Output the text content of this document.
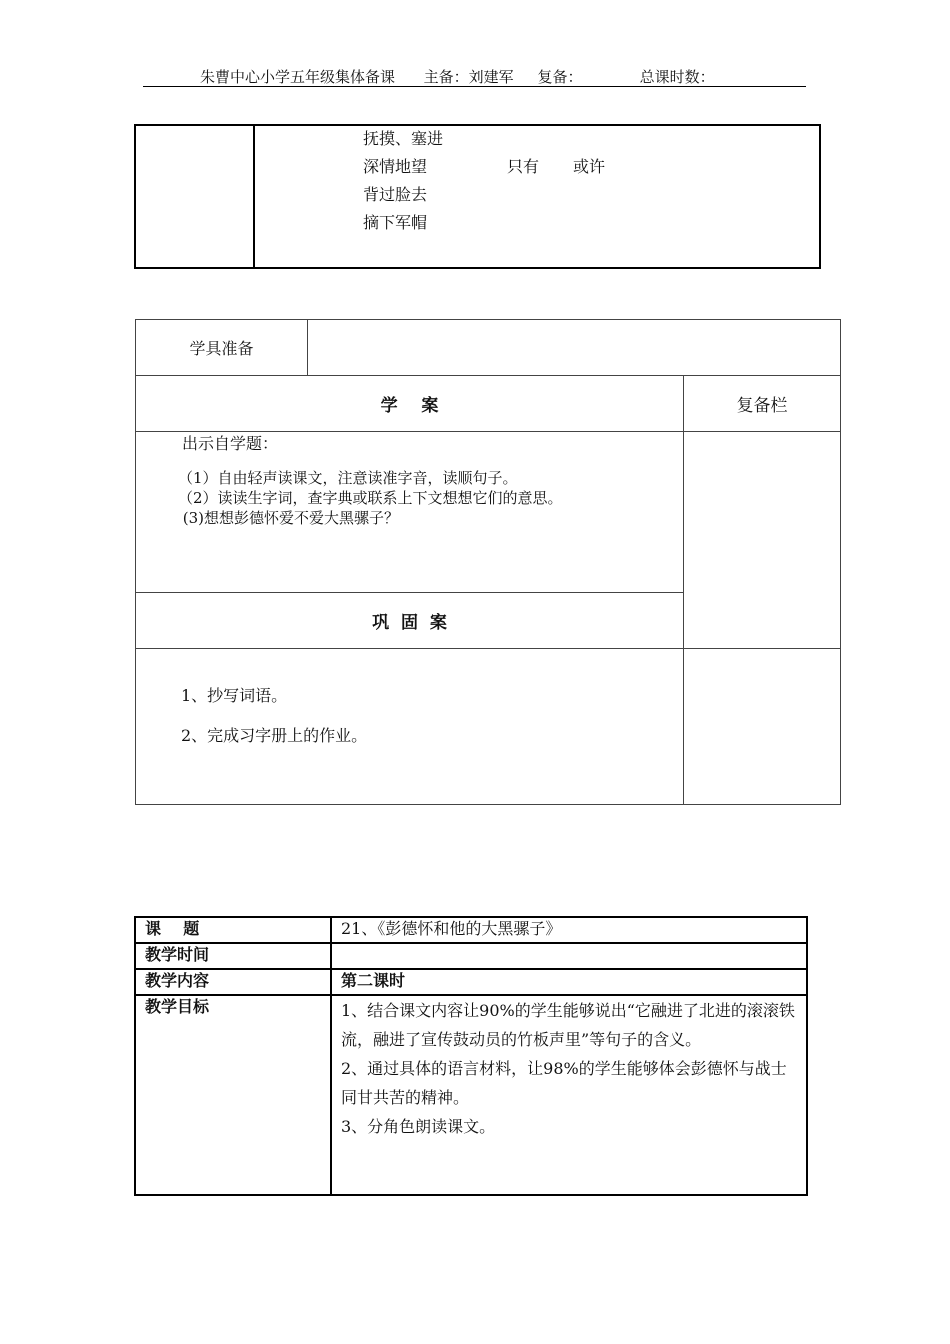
朱曹中心小学五年级集体备课      主备：刘建军     复备：            总课时数：

抚摸、塞进
深情地望	只有 或许
背过脸去
摘下军帽
学具准备		
学    案		复备栏

出示自学题：
（1）自由轻声读课文，注意读准字音，读顺句子。
（2）读读生字词，查字典或联系上下文想想它们的意思。
(3)想想彭德怀爱不爱大黑骡子？		

巩  固  案		

1、抄写词语。
2、完成习字册上的作业。		

课    题	21、《彭德怀和他的大黑骡子》
教学时间	
教学内容	第二课时
教学目标	1、结合课文内容让90%的学生能够说出“它融进了北进的滚滚铁流，融进了宣传鼓动员的竹板声里”等句子的含义。
2、通过具体的语言材料，让98%的学生能够体会彭德怀与战士同甘共苦的精神。
3、分角色朗读课文。
